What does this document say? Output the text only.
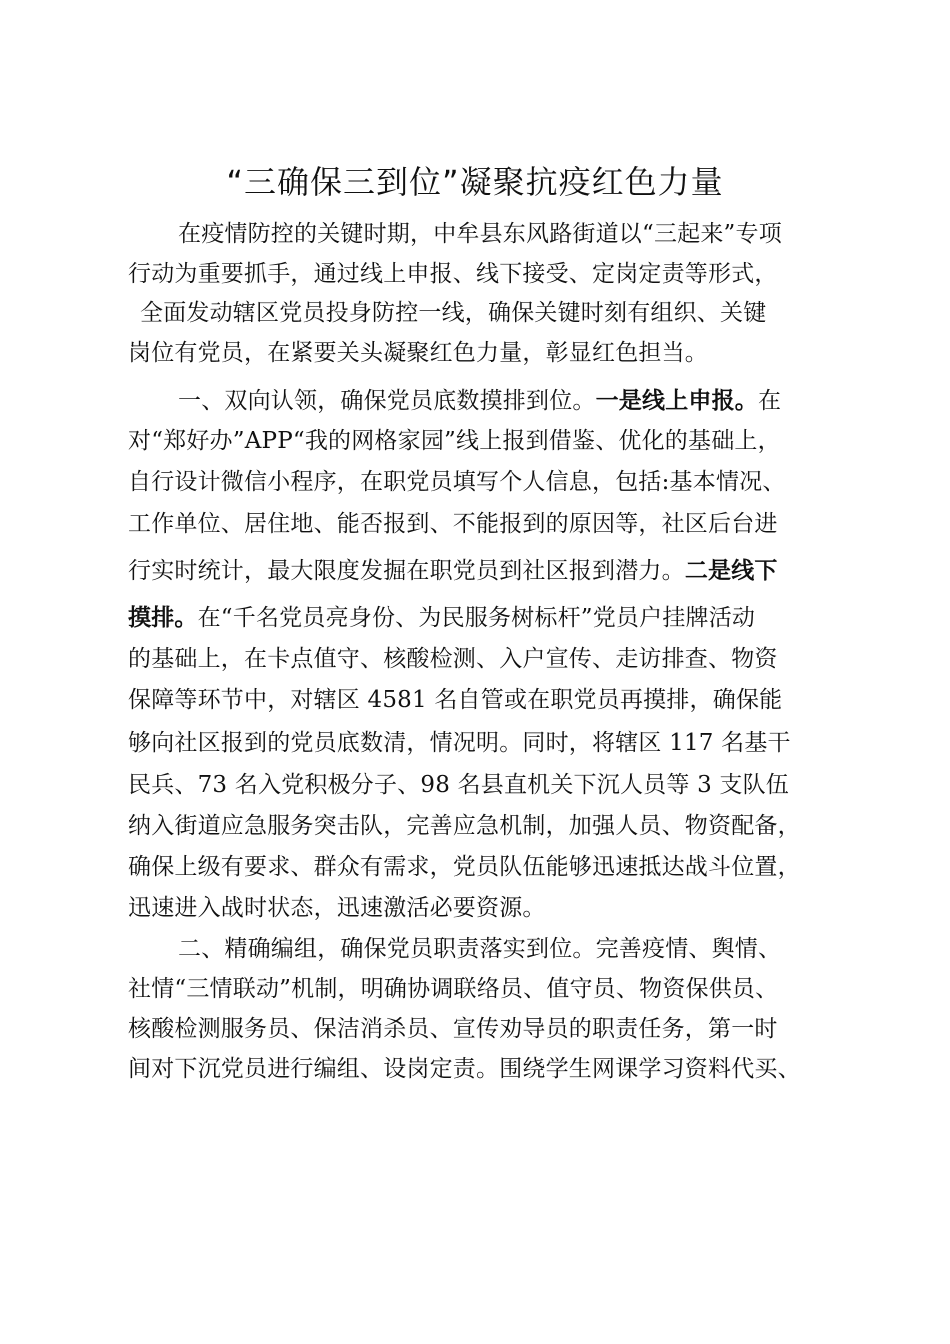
“三确保三到位”凝聚抗疫红色力量
在疫情防控的关键时期，中牟县东风路街道以“三起来”专项
行动为重要抓手，通过线上申报、线下接受、定岗定责等形式，
全面发动辖区党员投身防控一线，确保关键时刻有组织、关键
岗位有党员，在紧要关头凝聚红色力量，彰显红色担当。
一、双向认领，确保党员底数摸排到位。一是线上申报。在
对“郑好办”APP“我的网格家园”线上报到借鉴、优化的基础上，
自行设计微信小程序，在职党员填写个人信息，包括:基本情况、
工作单位、居住地、能否报到、不能报到的原因等，社区后台进
行实时统计，最大限度发掘在职党员到社区报到潜力。二是线下
摸排。在“千名党员亮身份、为民服务树标杆”党员户挂牌活动
的基础上，在卡点值守、核酸检测、入户宣传、走访排查、物资
保障等环节中，对辖区 4581 名自管或在职党员再摸排，确保能
够向社区报到的党员底数清，情况明。同时，将辖区 117 名基干
民兵、73 名入党积极分子、98 名县直机关下沉人员等 3 支队伍
纳入街道应急服务突击队，完善应急机制，加强人员、物资配备，
确保上级有要求、群众有需求，党员队伍能够迅速抵达战斗位置，
迅速进入战时状态，迅速激活必要资源。
二、精确编组，确保党员职责落实到位。完善疫情、舆情、
社情“三情联动”机制，明确协调联络员、值守员、物资保供员、
核酸检测服务员、保洁消杀员、宣传劝导员的职责任务，第一时
间对下沉党员进行编组、设岗定责。围绕学生网课学习资料代买、
